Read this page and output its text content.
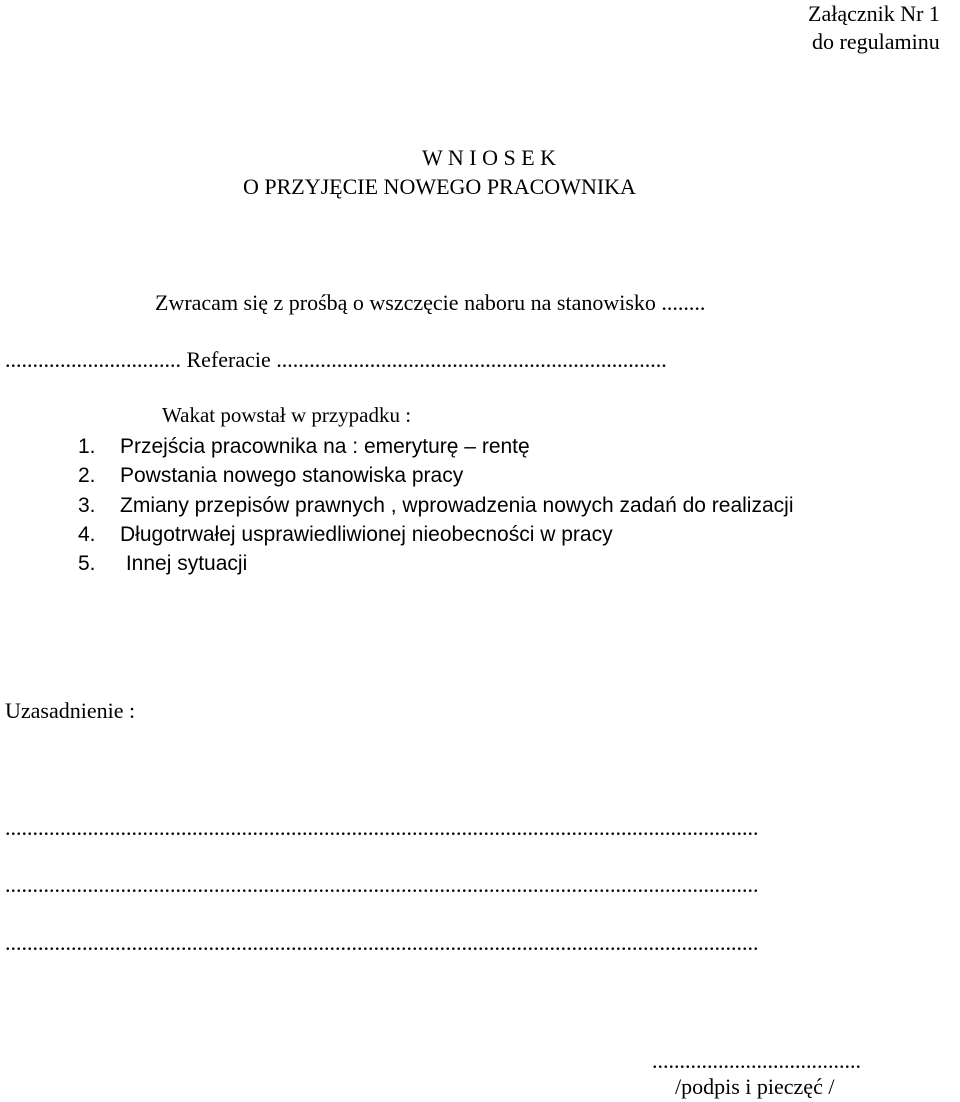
Załącznik Nr 1
do regulaminu
W N I O S E K
O PRZYJĘCIE NOWEGO PRACOWNIKA
Zwracam się z prośbą o wszczęcie naboru na stanowisko ........
................................ Referacie .......................................................................
Wakat powstał w przypadku :
1. Przejścia pracownika na : emeryturę – rentę
2. Powstania nowego stanowiska pracy
3. Zmiany przepisów prawnych , wprowadzenia nowych zadań do realizacji
4. Długotrwałej usprawiedliwionej nieobecności w pracy
5. Innej sytuacji
Uzasadnienie :
.........................................................................................................................................
.........................................................................................................................................
.........................................................................................................................................
......................................
/podpis i pieczęć /
